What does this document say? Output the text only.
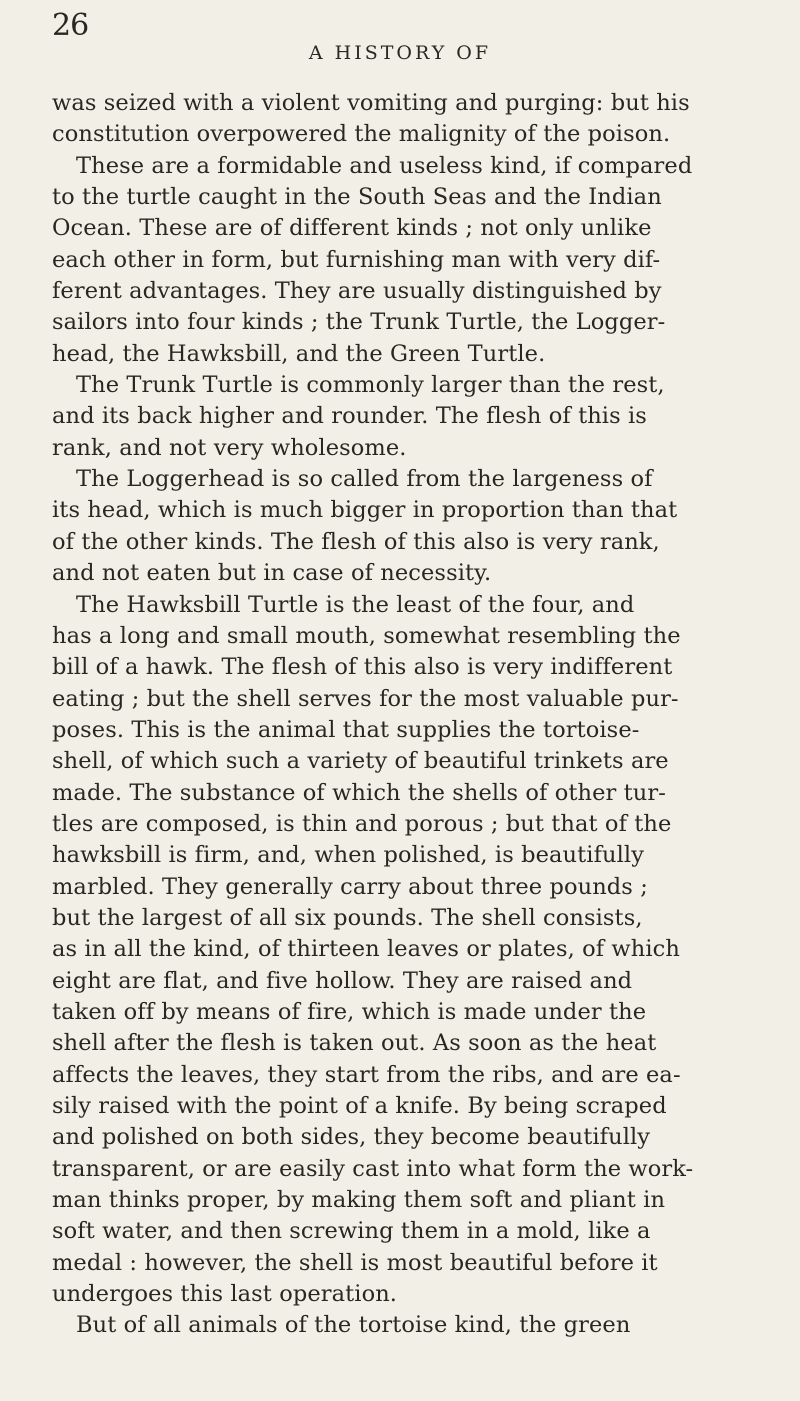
26
A HISTORY OF
was seized with a violent vomiting and purging: but his
constitution overpowered the malignity of the poison.
These are a formidable and useless kind, if compared
to the turtle caught in the South Seas and the Indian
Ocean. These are of different kinds ; not only unlike
each other in form, but furnishing man with very dif-
ferent advantages. They are usually distinguished by
sailors into four kinds ; the Trunk Turtle, the Logger-
head, the Hawksbill, and the Green Turtle.
The Trunk Turtle is commonly larger than the rest,
and its back higher and rounder. The flesh of this is
rank, and not very wholesome.
The Loggerhead is so called from the largeness of
its head, which is much bigger in proportion than that
of the other kinds. The flesh of this also is very rank,
and not eaten but in case of necessity.
The Hawksbill Turtle is the least of the four, and
has a long and small mouth, somewhat resembling the
bill of a hawk. The flesh of this also is very indifferent
eating ; but the shell serves for the most valuable pur-
poses. This is the animal that supplies the tortoise-
shell, of which such a variety of beautiful trinkets are
made. The substance of which the shells of other tur-
tles are composed, is thin and porous ; but that of the
hawksbill is firm, and, when polished, is beautifully
marbled. They generally carry about three pounds ;
but the largest of all six pounds. The shell consists,
as in all the kind, of thirteen leaves or plates, of which
eight are flat, and five hollow. They are raised and
taken off by means of fire, which is made under the
shell after the flesh is taken out. As soon as the heat
affects the leaves, they start from the ribs, and are ea-
sily raised with the point of a knife. By being scraped
and polished on both sides, they become beautifully
transparent, or are easily cast into what form the work-
man thinks proper, by making them soft and pliant in
soft water, and then screwing them in a mold, like a
medal : however, the shell is most beautiful before it
undergoes this last operation.
But of all animals of the tortoise kind, the green
